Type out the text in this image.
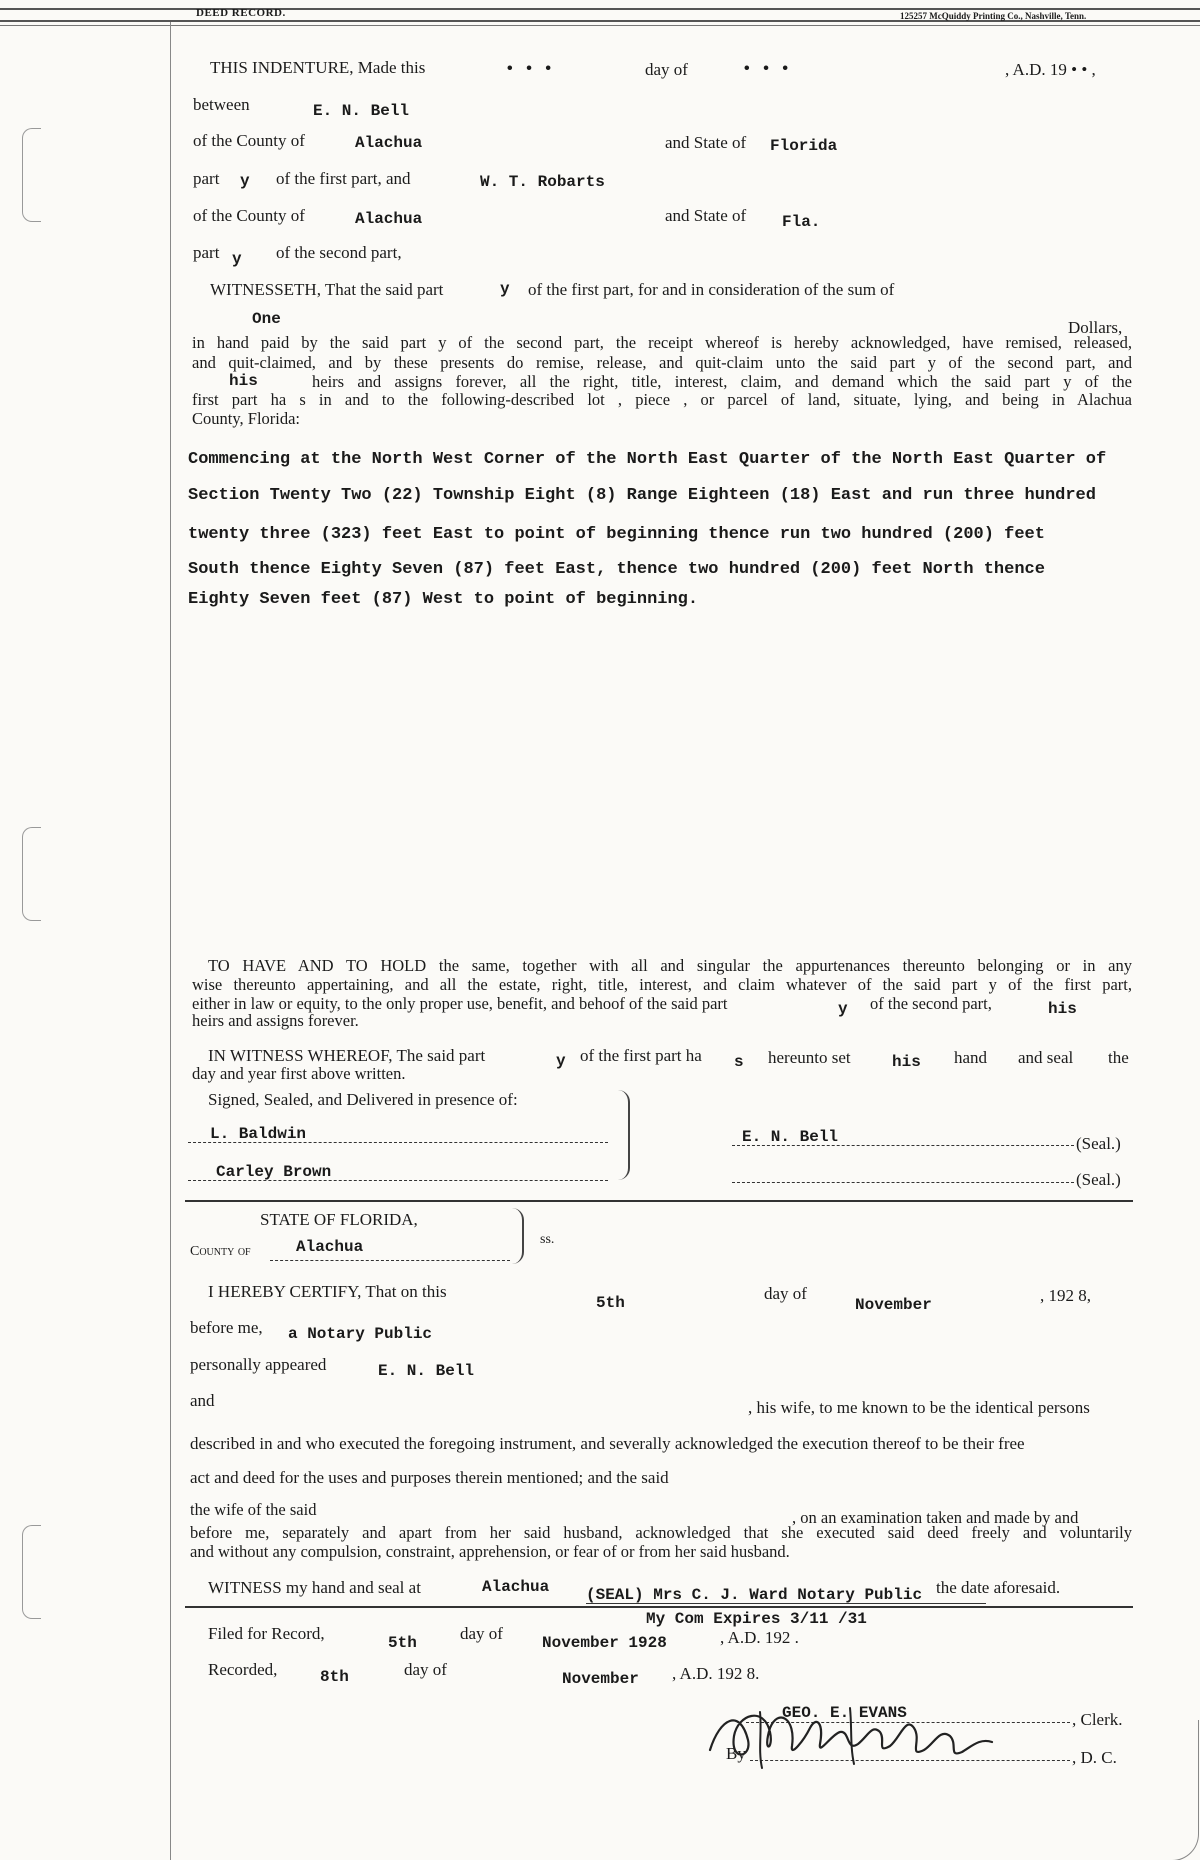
DEED RECORD.	125257 McQuiddy Printing Co., Nashville, Tenn.
THIS INDENTURE, Made this	• • •	day of	• • •	, A.D. 19 • • ,
between	E. N. Bell
of the County of	Alachua	and State of Florida
part y of the first part, and	W. T. Robarts
of the County of	Alachua	and State of Fla.
part y of the second part,
WITNESSETH, That the said part	y of the first part, for and in consideration of the sum of
One	Dollars,
in hand paid by the said part y of the second part, the receipt whereof is hereby acknowledged, have remised, released,
and quit-claimed, and by these presents do remise, release, and quit-claim unto the said part y of the second part, and
his	heirs and assigns forever, all the right, title, interest, claim, and demand which the said part y of the
first part ha s in and to the following-described lot , piece , or parcel of land, situate, lying, and being in Alachua
County, Florida:
Commencing at the North West Corner of the North East Quarter of the North East Quarter of
Section Twenty Two (22) Township Eight (8) Range Eighteen (18) East and run three hundred
twenty three (323) feet East to point of beginning thence run two hundred (200) feet
South thence Eighty Seven (87) feet East, thence two hundred (200) feet North thence
Eighty Seven feet (87) West to point of beginning.
TO HAVE AND TO HOLD the same, together with all and singular the appurtenances thereunto belonging or in any
wise thereunto appertaining, and all the estate, right, title, interest, and claim whatever of the said part y of the first part,
either in law or equity, to the only proper use, benefit, and behoof of the said part	y of the second part,	his
heirs and assigns forever.
IN WITNESS WHEREOF, The said part	y of the first part ha s hereunto set	his hand and seal the
day and year first above written.
Signed, Sealed, and Delivered in presence of:
L. Baldwin
Carley Brown
E. N. Bell	(Seal.)
(Seal.)
STATE OF FLORIDA,
County of	Alachua	ss.
I HEREBY CERTIFY, That on this
5th	day of
November	, 192 8,
before me, a Notary Public
personally appeared	E. N. Bell
and	, his wife, to me known to be the identical persons
described in and who executed the foregoing instrument, and severally acknowledged the execution thereof to be their free
act and deed for the uses and purposes therein mentioned; and the said
the wife of the said	, on an examination taken and made by and
before me, separately and apart from her said husband, acknowledged that she executed said deed freely and voluntarily
and without any compulsion, constraint, apprehension, or fear of or from her said husband.
WITNESS my hand and seal at	Alachua (SEAL) Mrs C. J. Ward Notary Public the date aforesaid.
My Com Expires 3/11 /31
Filed for Record,	5th	day of November 1928	, A.D. 192 .
Recorded,	8th	day of	November , A.D. 192 8.
GEO. E. EVANS	, Clerk.
By	, D. C.
